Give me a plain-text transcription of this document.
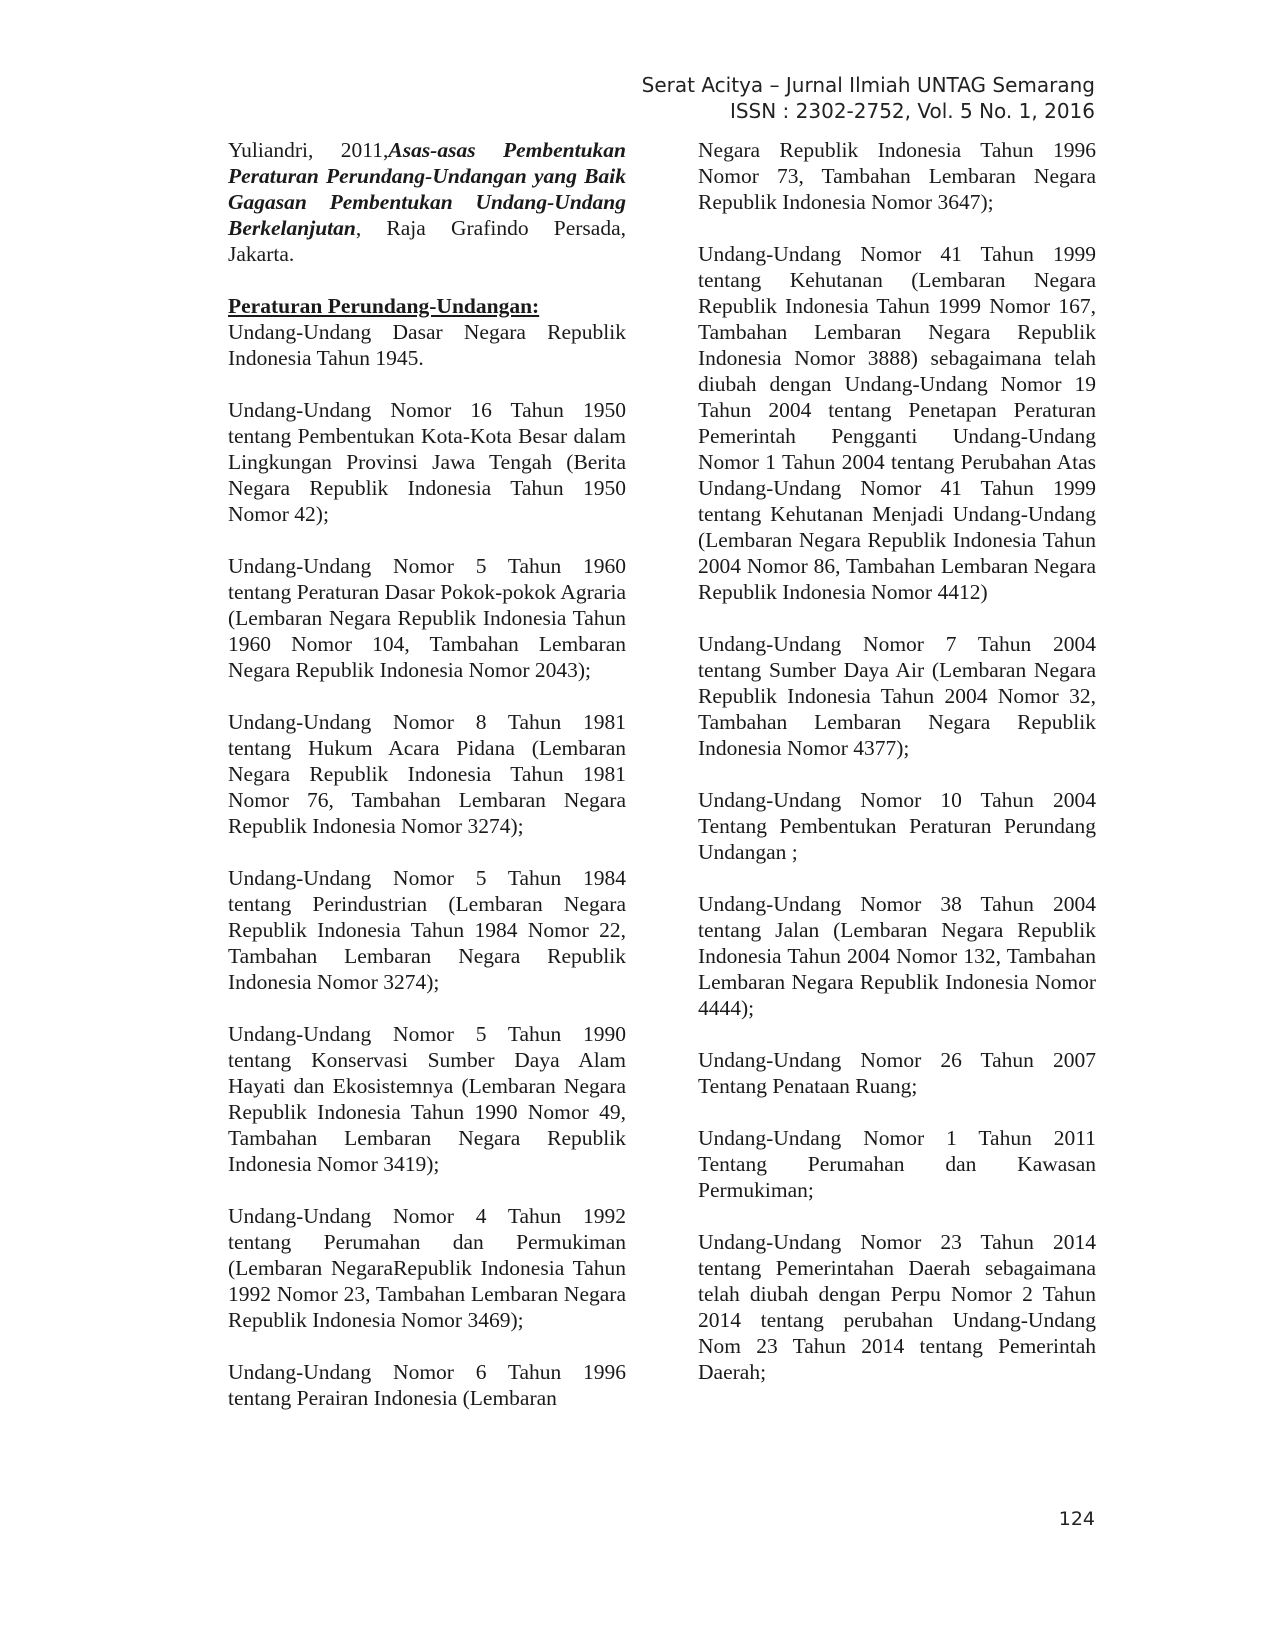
Serat Acitya – Jurnal Ilmiah UNTAG Semarang
ISSN : 2302-2752, Vol. 5 No. 1, 2016

Yuliandri, 2011,Asas-asas Pembentukan Peraturan Perundang-Undangan yang Baik Gagasan Pembentukan Undang-Undang Berkelanjutan, Raja Grafindo Persada, Jakarta.

Peraturan Perundang-Undangan:

Undang-Undang Dasar Negara Republik Indonesia Tahun 1945.

Undang-Undang Nomor 16 Tahun 1950 tentang Pembentukan Kota-Kota Besar dalam Lingkungan Provinsi Jawa Tengah (Berita Negara Republik Indonesia Tahun 1950 Nomor 42);

Undang-Undang Nomor 5 Tahun 1960 tentang Peraturan Dasar Pokok-pokok Agraria (Lembaran Negara Republik Indonesia Tahun 1960 Nomor 104, Tambahan Lembaran Negara Republik Indonesia Nomor 2043);

Undang-Undang Nomor 8 Tahun 1981 tentang Hukum Acara Pidana (Lembaran Negara Republik Indonesia Tahun 1981 Nomor 76, Tambahan Lembaran Negara Republik Indonesia Nomor 3274);

Undang-Undang Nomor 5 Tahun 1984 tentang Perindustrian (Lembaran Negara Republik Indonesia Tahun 1984 Nomor 22, Tambahan Lembaran Negara Republik Indonesia Nomor 3274);

Undang-Undang Nomor 5 Tahun 1990 tentang Konservasi Sumber Daya Alam Hayati dan Ekosistemnya (Lembaran Negara Republik Indonesia Tahun 1990 Nomor 49, Tambahan Lembaran Negara Republik Indonesia Nomor 3419);

Undang-Undang Nomor 4 Tahun 1992 tentang Perumahan dan Permukiman (Lembaran NegaraRepublik Indonesia Tahun 1992 Nomor 23, Tambahan Lembaran Negara Republik Indonesia Nomor 3469);

Undang-Undang Nomor 6 Tahun 1996 tentang Perairan Indonesia (Lembaran

Negara Republik Indonesia Tahun 1996 Nomor 73, Tambahan Lembaran Negara Republik Indonesia Nomor 3647);

Undang-Undang Nomor 41 Tahun 1999 tentang Kehutanan (Lembaran Negara Republik Indonesia Tahun 1999 Nomor 167, Tambahan Lembaran Negara Republik Indonesia Nomor 3888) sebagaimana telah diubah dengan Undang-Undang Nomor 19 Tahun 2004 tentang Penetapan Peraturan Pemerintah Pengganti Undang-Undang Nomor 1 Tahun 2004 tentang Perubahan Atas Undang-Undang Nomor 41 Tahun 1999 tentang Kehutanan Menjadi Undang-Undang (Lembaran Negara Republik Indonesia Tahun 2004 Nomor 86, Tambahan Lembaran Negara Republik Indonesia Nomor 4412)

Undang-Undang Nomor 7 Tahun 2004 tentang Sumber Daya Air (Lembaran Negara Republik Indonesia Tahun 2004 Nomor 32, Tambahan Lembaran Negara Republik Indonesia Nomor 4377);

Undang-Undang Nomor 10 Tahun 2004 Tentang Pembentukan Peraturan Perundang Undangan ;

Undang-Undang Nomor 38 Tahun 2004 tentang Jalan (Lembaran Negara Republik Indonesia Tahun 2004 Nomor 132, Tambahan Lembaran Negara Republik Indonesia Nomor 4444);

Undang-Undang Nomor 26 Tahun 2007 Tentang Penataan Ruang;

Undang-Undang Nomor 1 Tahun 2011 Tentang Perumahan dan Kawasan Permukiman;

Undang-Undang Nomor 23 Tahun 2014 tentang Pemerintahan Daerah sebagaimana telah diubah dengan Perpu Nomor 2 Tahun 2014 tentang perubahan Undang-Undang Nom 23 Tahun 2014 tentang Pemerintah Daerah;

124
